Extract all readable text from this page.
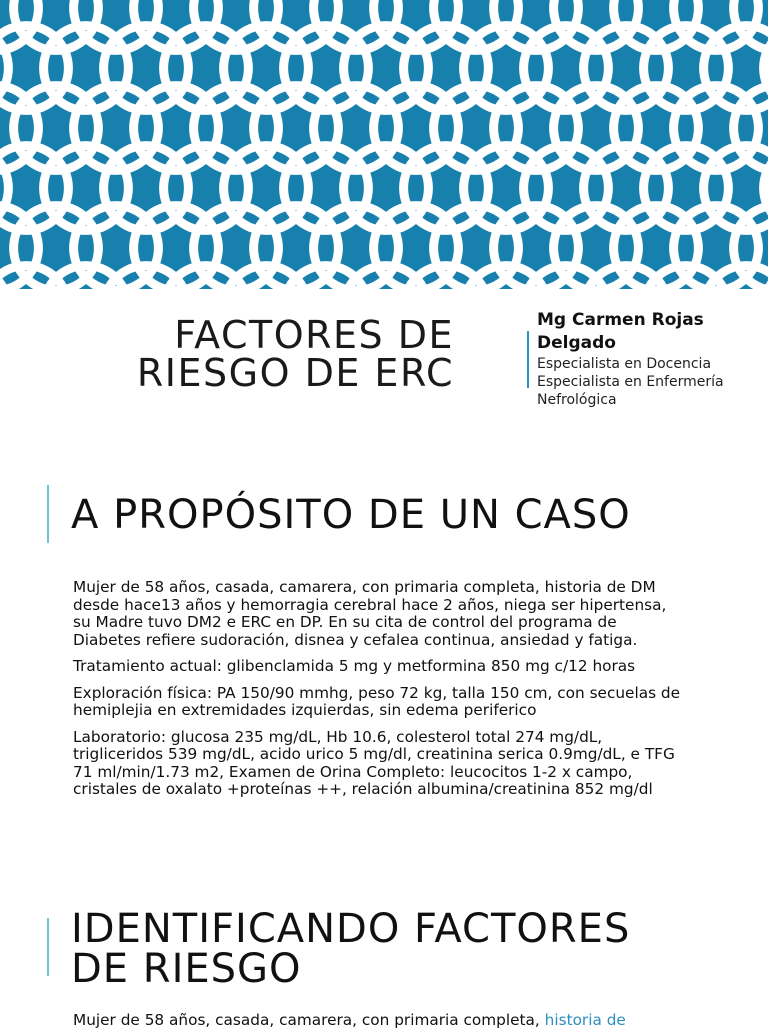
FACTORES DE
RIESGO DE ERC
Mg Carmen Rojas Delgado
Especialista en Docencia
Especialista en Enfermería Nefrológica
A PROPÓSITO DE UN CASO

Mujer de 58 años, casada, camarera, con primaria completa, historia de DM desde hace13 años y hemorragia cerebral hace 2 años, niega ser hipertensa, su Madre tuvo DM2 e ERC en DP. En su cita de control del programa de Diabetes refiere sudoración, disnea y cefalea continua, ansiedad y fatiga.

Tratamiento actual: glibenclamida 5 mg y metformina 850 mg c/12 horas

Exploración física: PA 150/90 mmhg, peso 72 kg, talla 150 cm, con secuelas de hemiplejia en extremidades izquierdas, sin edema periferico

Laboratorio: glucosa 235 mg/dL, Hb 10.6, colesterol total 274 mg/dL, trigliceridos 539 mg/dL, acido urico 5 mg/dl, creatinina serica 0.9mg/dL, e TFG 71 ml/min/1.73 m2, Examen de Orina Completo: leucocitos 1-2 x campo, cristales de oxalato +proteínas ++, relación albumina/creatinina 852 mg/dl

IDENTIFICANDO FACTORES
DE RIESGO
Mujer de 58 años, casada, camarera, con primaria completa, historia de
